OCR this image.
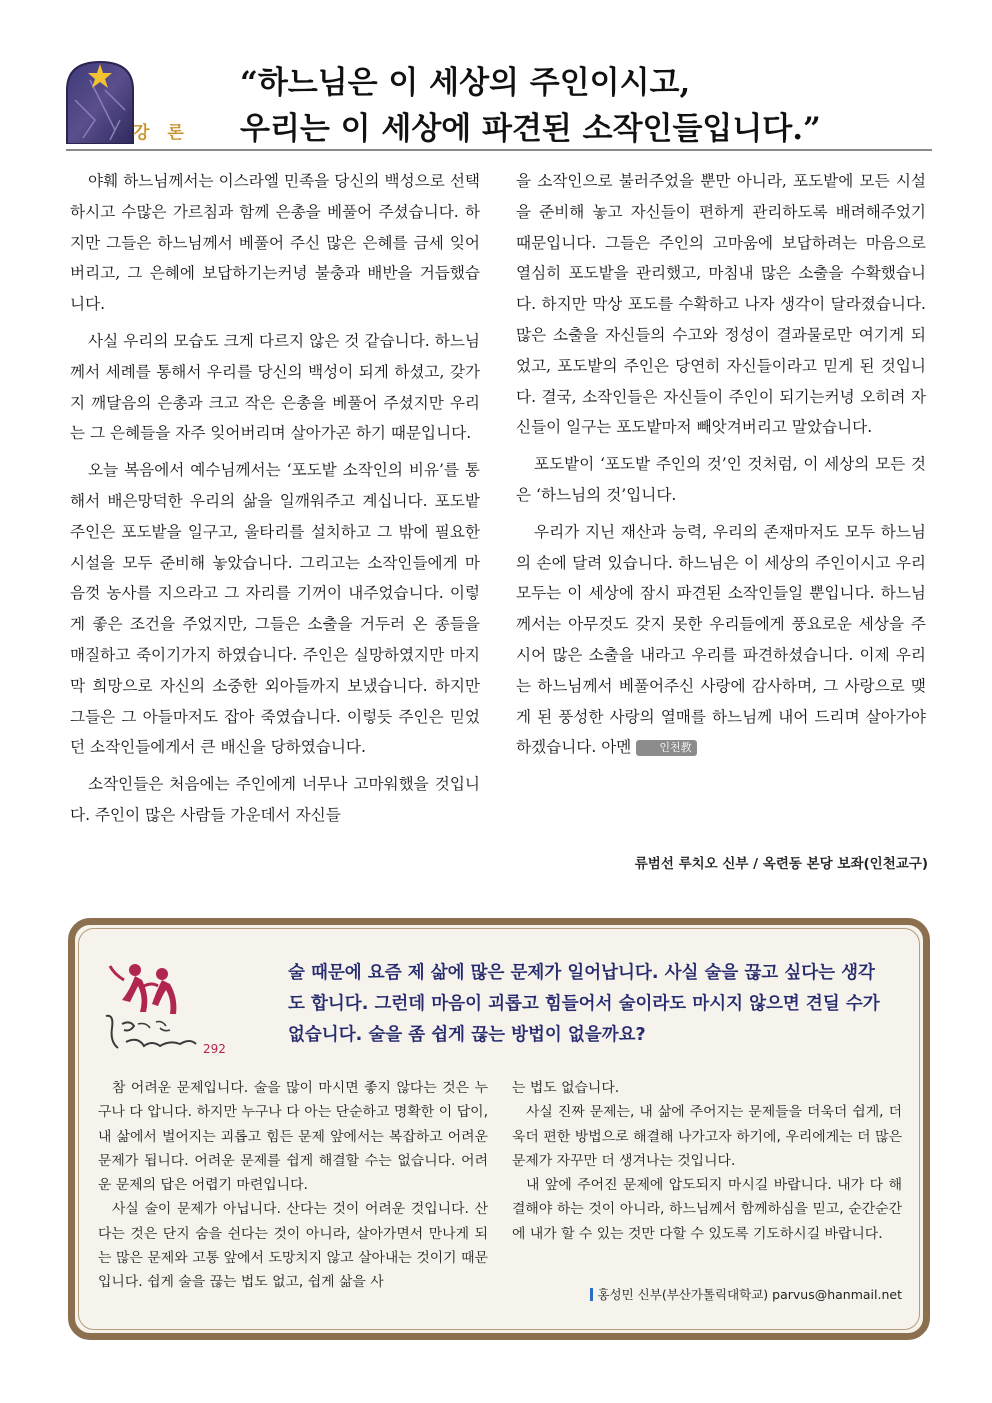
강 론
“하느님은 이 세상의 주인이시고,
우리는 이 세상에 파견된 소작인들입니다.”

야훼 하느님께서는 이스라엘 민족을 당신의 백성으로 선택하시고 수많은 가르침과 함께 은총을 베풀어 주셨습니다. 하지만 그들은 하느님께서 베풀어 주신 많은 은혜를 금세 잊어버리고, 그 은혜에 보답하기는커녕 불충과 배반을 거듭했습니다.

사실 우리의 모습도 크게 다르지 않은 것 같습니다. 하느님께서 세례를 통해서 우리를 당신의 백성이 되게 하셨고, 갖가지 깨달음의 은총과 크고 작은 은총을 베풀어 주셨지만 우리는 그 은혜들을 자주 잊어버리며 살아가곤 하기 때문입니다.

오늘 복음에서 예수님께서는 ‘포도밭 소작인의 비유’를 통해서 배은망덕한 우리의 삶을 일깨워주고 계십니다. 포도밭 주인은 포도밭을 일구고, 울타리를 설치하고 그 밖에 필요한 시설을 모두 준비해 놓았습니다. 그리고는 소작인들에게 마음껏 농사를 지으라고 그 자리를 기꺼이 내주었습니다. 이렇게 좋은 조건을 주었지만, 그들은 소출을 거두러 온 종들을 매질하고 죽이기가지 하였습니다. 주인은 실망하였지만 마지막 희망으로 자신의 소중한 외아들까지 보냈습니다. 하지만 그들은 그 아들마저도 잡아 죽였습니다. 이렇듯 주인은 믿었던 소작인들에게서 큰 배신을 당하였습니다.

소작인들은 처음에는 주인에게 너무나 고마워했을 것입니다. 주인이 많은 사람들 가운데서 자신들

을 소작인으로 불러주었을 뿐만 아니라, 포도밭에 모든 시설을 준비해 놓고 자신들이 편하게 관리하도록 배려해주었기 때문입니다. 그들은 주인의 고마움에 보답하려는 마음으로 열심히 포도밭을 관리했고, 마침내 많은 소출을 수확했습니다. 하지만 막상 포도를 수확하고 나자 생각이 달라졌습니다. 많은 소출을 자신들의 수고와 정성이 결과물로만 여기게 되었고, 포도밭의 주인은 당연히 자신들이라고 믿게 된 것입니다. 결국, 소작인들은 자신들이 주인이 되기는커녕 오히려 자신들이 일구는 포도밭마저 빼앗겨버리고 말았습니다.

포도밭이 ‘포도밭 주인의 것’인 것처럼, 이 세상의 모든 것은 ‘하느님의 것’입니다.

우리가 지닌 재산과 능력, 우리의 존재마저도 모두 하느님의 손에 달려 있습니다. 하느님은 이 세상의 주인이시고 우리 모두는 이 세상에 잠시 파견된 소작인들일 뿐입니다. 하느님께서는 아무것도 갖지 못한 우리들에게 풍요로운 세상을 주시어 많은 소출을 내라고 우리를 파견하셨습니다. 이제 우리는 하느님께서 베풀어주신 사랑에 감사하며, 그 사랑으로 맺게 된 풍성한 사랑의 열매를 하느님께 내어 드리며 살아가야 하겠습니다. 아멘	인천教

류범선 루치오 신부 / 옥련동 본당 보좌(인천교구)
292
술 때문에 요즘 제 삶에 많은 문제가 일어납니다. 사실 술을 끊고 싶다는 생각도 합니다. 그런데 마음이 괴롭고 힘들어서 술이라도 마시지 않으면 견딜 수가 없습니다. 술을 좀 쉽게 끊는 방법이 없을까요?

참 어려운 문제입니다. 술을 많이 마시면 좋지 않다는 것은 누구나 다 압니다. 하지만 누구나 다 아는 단순하고 명확한 이 답이, 내 삶에서 벌어지는 괴롭고 힘든 문제 앞에서는 복잡하고 어려운 문제가 됩니다. 어려운 문제를 쉽게 해결할 수는 없습니다. 어려운 문제의 답은 어렵기 마련입니다.

사실 술이 문제가 아닙니다. 산다는 것이 어려운 것입니다. 산다는 것은 단지 숨을 쉰다는 것이 아니라, 살아가면서 만나게 되는 많은 문제와 고통 앞에서 도망치지 않고 살아내는 것이기 때문입니다. 쉽게 술을 끊는 법도 없고, 쉽게 삶을 사

는 법도 없습니다.

사실 진짜 문제는, 내 삶에 주어지는 문제들을 더욱더 쉽게, 더욱더 편한 방법으로 해결해 나가고자 하기에, 우리에게는 더 많은 문제가 자꾸만 더 생겨나는 것입니다.

내 앞에 주어진 문제에 압도되지 마시길 바랍니다. 내가 다 해결해야 하는 것이 아니라, 하느님께서 함께하심을 믿고, 순간순간에 내가 할 수 있는 것만 다할 수 있도록 기도하시길 바랍니다.

홍성민 신부(부산가톨릭대학교) parvus@hanmail.net
